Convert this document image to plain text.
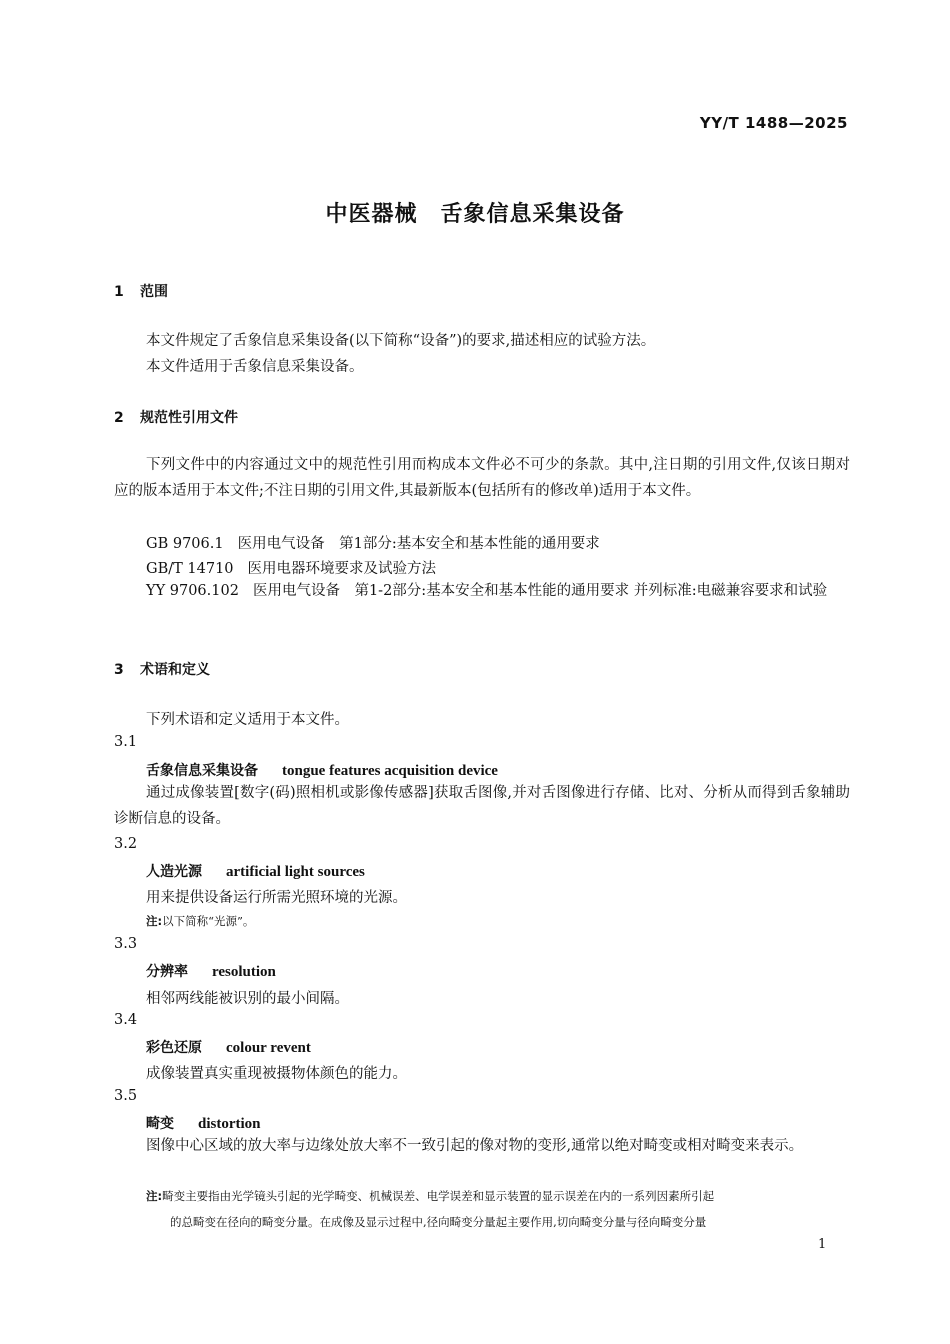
YY/T 1488—2025
中医器械　舌象信息采集设备
1 范围
本文件规定了舌象信息采集设备(以下简称“设备”)的要求,描述相应的试验方法。
本文件适用于舌象信息采集设备。
2 规范性引用文件
下列文件中的内容通过文中的规范性引用而构成本文件必不可少的条款。其中,注日期的引用文件,仅该日期对应的版本适用于本文件;不注日期的引用文件,其最新版本(包括所有的修改单)适用于本文件。
GB 9706.1 医用电气设备　第1部分:基本安全和基本性能的通用要求
GB/T 14710 医用电器环境要求及试验方法
YY 9706.102 医用电气设备　第1-2部分:基本安全和基本性能的通用要求 并列标准:电磁兼容要求和试验
3 术语和定义
下列术语和定义适用于本文件。
3.1
舌象信息采集设备 tongue features acquisition device
通过成像装置[数字(码)照相机或影像传感器]获取舌图像,并对舌图像进行存储、比对、分析从而得到舌象辅助诊断信息的设备。
3.2
人造光源 artificial light sources
用来提供设备运行所需光照环境的光源。
注:以下简称“光源”。
3.3
分辨率 resolution
相邻两线能被识别的最小间隔。
3.4
彩色还原 colour revent
成像装置真实重现被摄物体颜色的能力。
3.5
畸变 distortion
图像中心区域的放大率与边缘处放大率不一致引起的像对物的变形,通常以绝对畸变或相对畸变来表示。
注:畸变主要指由光学镜头引起的光学畸变、机械误差、电学误差和显示装置的显示误差在内的一系列因素所引起
的总畸变在径向的畸变分量。在成像及显示过程中,径向畸变分量起主要作用,切向畸变分量与径向畸变分量
1
